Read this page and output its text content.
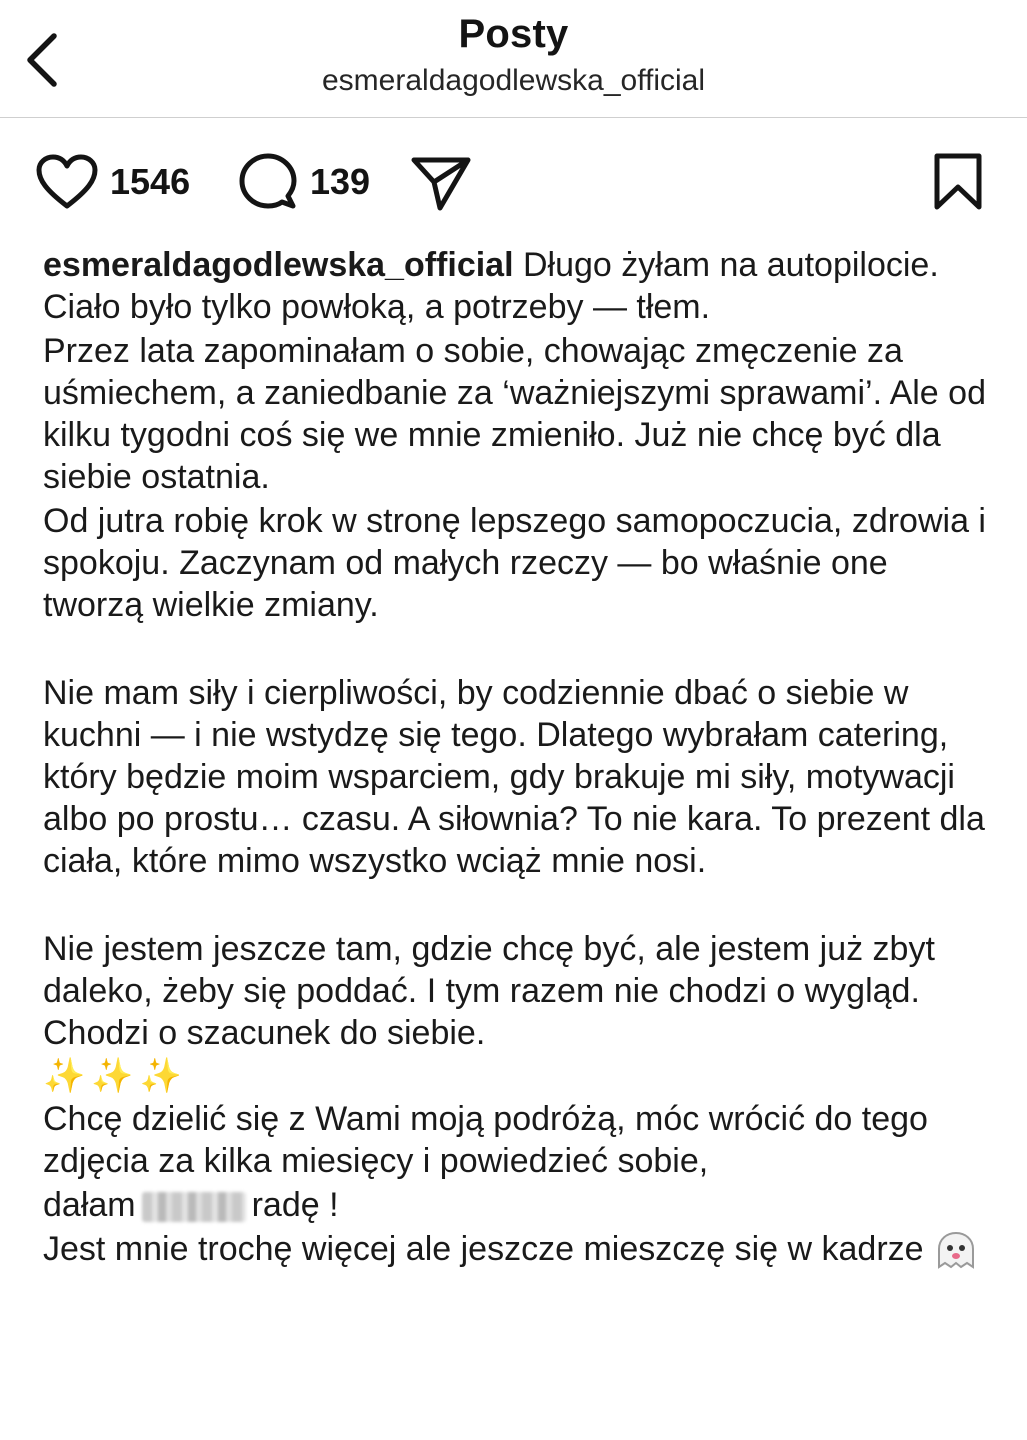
Posty
esmeraldagodlewska_official
1546	139

esmeraldagodlewska_official Długo żyłam na autopilocie. Ciało było tylko powłoką, a potrzeby — tłem.

Przez lata zapominałam o sobie, chowając zmęczenie za uśmiechem, a zaniedbanie za ‘ważniejszymi sprawami’. Ale od kilku tygodni coś się we mnie zmieniło. Już nie chcę być dla siebie ostatnia.

Od jutra robię krok w stronę lepszego samopoczucia, zdrowia i spokoju. Zaczynam od małych rzeczy — bo właśnie one tworzą wielkie zmiany.

Nie mam siły i cierpliwości, by codziennie dbać o siebie w kuchni — i nie wstydzę się tego. Dlatego wybrałam catering, który będzie moim wsparciem, gdy brakuje mi siły, motywacji albo po prostu… czasu. A siłownia? To nie kara. To prezent dla ciała, które mimo wszystko wciąż mnie nosi.

Nie jestem jeszcze tam, gdzie chcę być, ale jestem już zbyt daleko, żeby się poddać. I tym razem nie chodzi o wygląd. Chodzi o szacunek do siebie.

✨✨✨

Chcę dzielić się z Wami moją podróżą, móc wrócić do tego zdjęcia za kilka miesięcy i powiedzieć sobie,

dałam	radę !

Jest mnie trochę więcej ale jeszcze mieszczę się w kadrze
